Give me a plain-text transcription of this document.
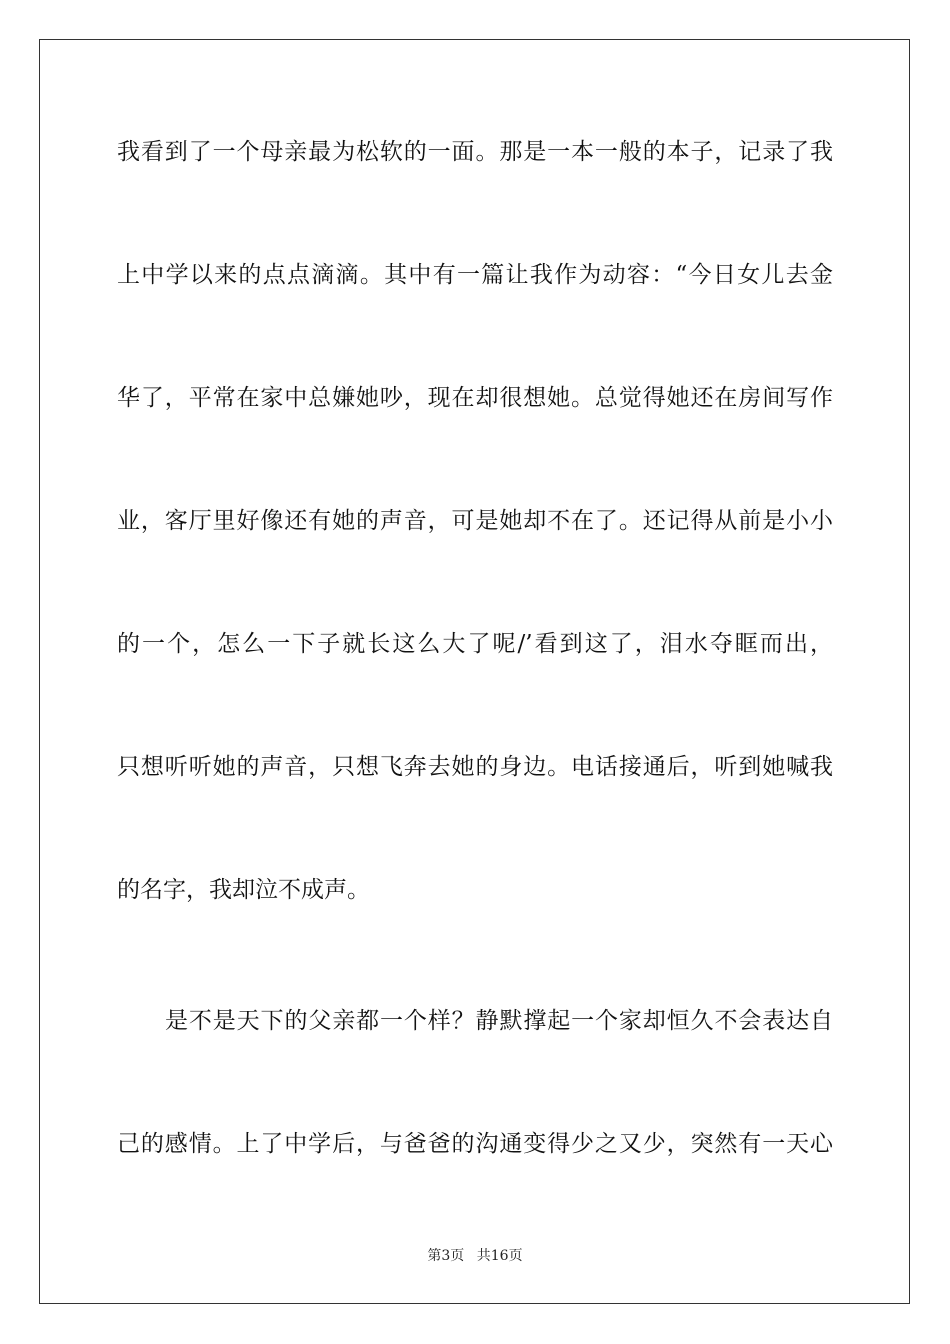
我看到了一个母亲最为松软的一面。那是一本一般的本子，记录了我
上中学以来的点点滴滴。其中有一篇让我作为动容：“今日女儿去金
华了，平常在家中总嫌她吵，现在却很想她。总觉得她还在房间写作
业，客厅里好像还有她的声音，可是她却不在了。还记得从前是小小
的一个，怎么一下子就长这么大了呢/’看到这了，泪水夺眶而出，
只想听听她的声音，只想飞奔去她的身边。电话接通后，听到她喊我
的名字，我却泣不成声。
是不是天下的父亲都一个样？静默撑起一个家却恒久不会表达自
己的感情。上了中学后，与爸爸的沟通变得少之又少，突然有一天心
第3页 共16页
